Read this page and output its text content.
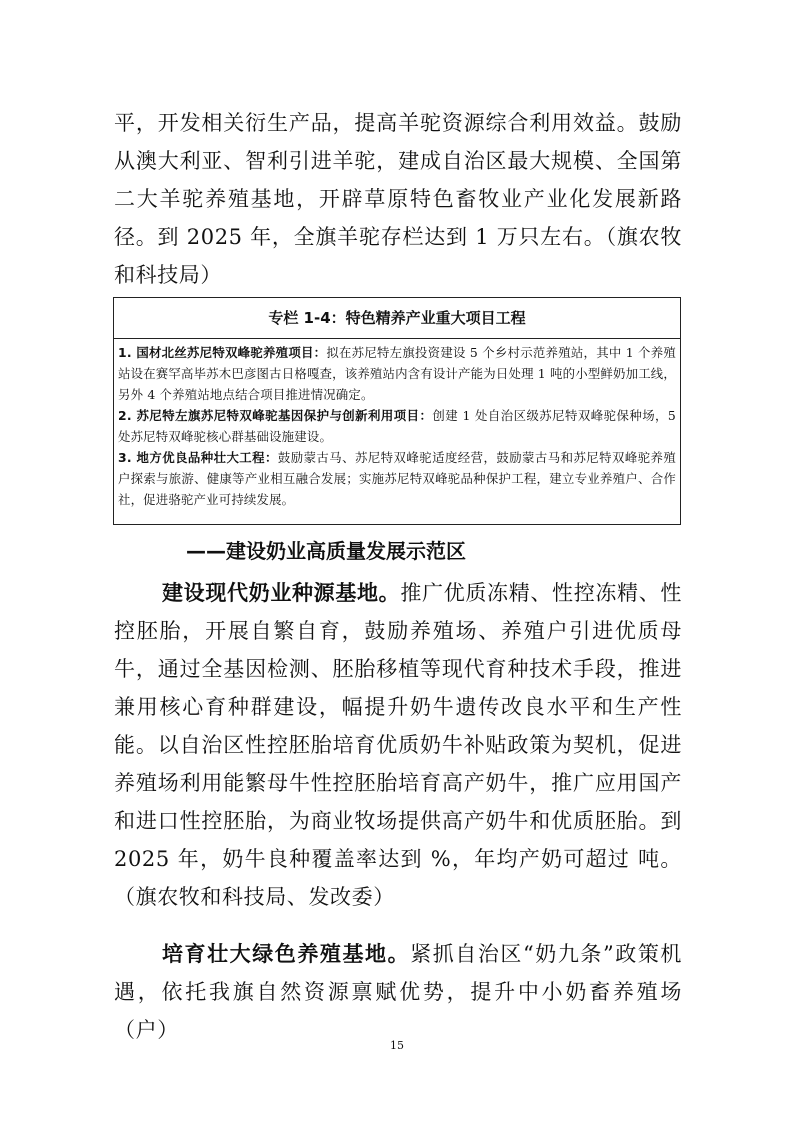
平，开发相关衍生产品，提高羊驼资源综合利用效益。鼓励从澳大利亚、智利引进羊驼，建成自治区最大规模、全国第二大羊驼养殖基地，开辟草原特色畜牧业产业化发展新路径。到 2025 年，全旗羊驼存栏达到 1 万只左右。（旗农牧和科技局）

专栏 1-4：特色精养产业重大项目工程

1. 国材北丝苏尼特双峰驼养殖项目：拟在苏尼特左旗投资建设 5 个乡村示范养殖站，其中 1 个养殖站设在赛罕高毕苏木巴彦图古日格嘎查，该养殖站内含有设计产能为日处理 1 吨的小型鲜奶加工线，另外 4 个养殖站地点结合项目推进情况确定。

2. 苏尼特左旗苏尼特双峰驼基因保护与创新利用项目：创建 1 处自治区级苏尼特双峰驼保种场，5 处苏尼特双峰驼核心群基础设施建设。

3. 地方优良品种壮大工程：鼓励蒙古马、苏尼特双峰驼适度经营，鼓励蒙古马和苏尼特双峰驼养殖户探索与旅游、健康等产业相互融合发展；实施苏尼特双峰驼品种保护工程，建立专业养殖户、合作社，促进骆驼产业可持续发展。

——建设奶业高质量发展示范区

建设现代奶业种源基地。推广优质冻精、性控冻精、性控胚胎，开展自繁自育，鼓励养殖场、养殖户引进优质母牛，通过全基因检测、胚胎移植等现代育种技术手段，推进兼用核心育种群建设，幅提升奶牛遗传改良水平和生产性能。以自治区性控胚胎培育优质奶牛补贴政策为契机，促进养殖场利用能繁母牛性控胚胎培育高产奶牛，推广应用国产和进口性控胚胎，为商业牧场提供高产奶牛和优质胚胎。到 2025 年，奶牛良种覆盖率达到 %，年均产奶可超过 吨。（旗农牧和科技局、发改委）

培育壮大绿色养殖基地。紧抓自治区“奶九条”政策机遇，依托我旗自然资源禀赋优势，提升中小奶畜养殖场（户）

15
